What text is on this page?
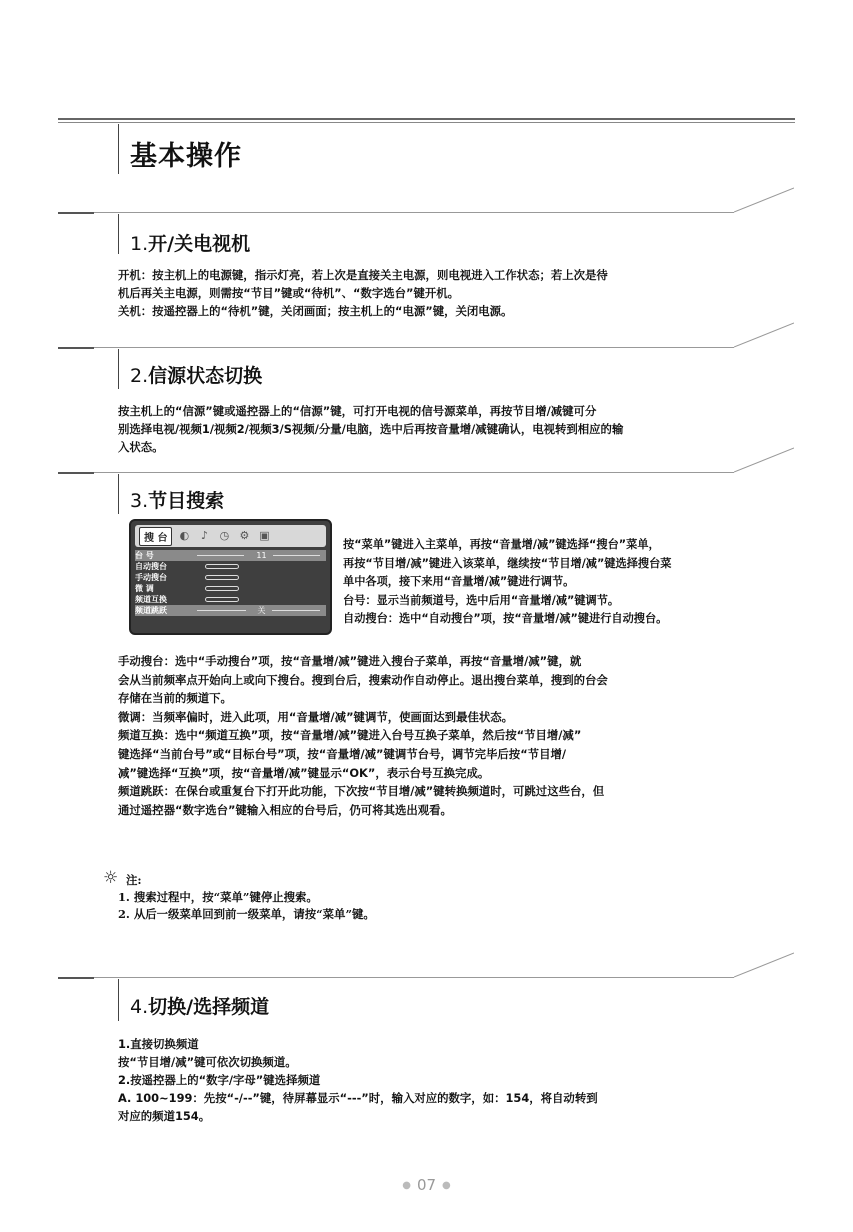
基本操作
1.开/关电视机

开机：按主机上的电源键，指示灯亮，若上次是直接关主电源，则电视进入工作状态；若上次是待

机后再关主电源，则需按“节目”键或“待机”、“数字选台”键开机。

关机：按遥控器上的“待机”键，关闭画面；按主机上的“电源”键，关闭电源。

2.信源状态切换

按主机上的“信源”键或遥控器上的“信源”键，可打开电视的信号源菜单，再按节目增/减键可分

别选择电视/视频1/视频2/视频3/S视频/分量/电脑，选中后再按音量增/减键确认，电视转到相应的输

入状态。

3.节目搜索
搜 台	◐	♪	◷ ⚙ ▣
台 号	11
自动搜台
手动搜台
微 调
频道互换
频道跳跃	关

按“菜单”键进入主菜单，再按“音量增/减”键选择“搜台”菜单，

再按“节目增/减”键进入该菜单，继续按“节目增/减”键选择搜台菜

单中各项，接下来用“音量增/减”键进行调节。

台号：显示当前频道号，选中后用“音量增/减”键调节。

自动搜台：选中“自动搜台”项，按“音量增/减”键进行自动搜台。

手动搜台：选中“手动搜台”项，按“音量增/减”键进入搜台子菜单，再按“音量增/减”键，就

会从当前频率点开始向上或向下搜台。搜到台后，搜索动作自动停止。退出搜台菜单，搜到的台会

存储在当前的频道下。

微调：当频率偏时，进入此项，用“音量增/减”键调节，使画面达到最佳状态。

频道互换：选中“频道互换”项，按“音量增/减”键进入台号互换子菜单，然后按“节目增/减”

键选择“当前台号”或“目标台号”项，按“音量增/减”键调节台号，调节完毕后按“节目增/

减”键选择“互换”项，按“音量增/减”键显示“OK”，表示台号互换完成。

频道跳跃：在保台或重复台下打开此功能，下次按“节目增/减”键转换频道时，可跳过这些台，但

通过遥控器“数字选台”键输入相应的台号后，仍可将其选出观看。

☼ 注:

1. 搜索过程中，按“菜单”键停止搜索。

2. 从后一级菜单回到前一级菜单，请按“菜单”键。

4.切换/选择频道

1.直接切换频道

按“节目增/减”键可依次切换频道。

2.按遥控器上的“数字/字母”键选择频道

A. 100~199：先按“-/--”键，待屏幕显示“---”时，输入对应的数字，如：154，将自动转到

对应的频道154。

● 07 ●
